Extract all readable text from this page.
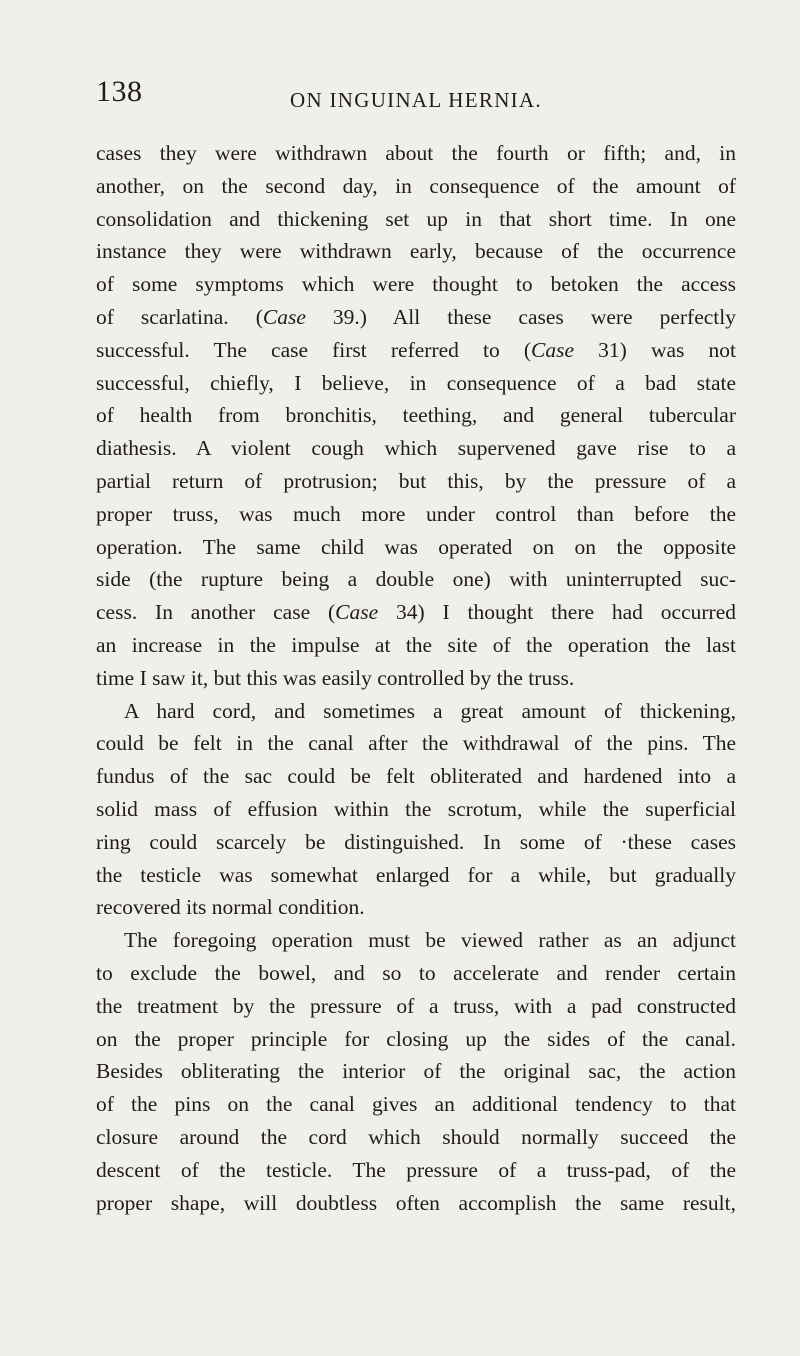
138	ON INGUINAL HERNIA.
cases they were withdrawn about the fourth or fifth; and, in
another, on the second day, in consequence of the amount of
consolidation and thickening set up in that short time. In one
instance they were withdrawn early, because of the occurrence
of some symptoms which were thought to betoken the access
of scarlatina. (Case 39.) All these cases were perfectly
successful. The case first referred to (Case 31) was not
successful, chiefly, I believe, in consequence of a bad state
of health from bronchitis, teething, and general tubercular
diathesis. A violent cough which supervened gave rise to a
partial return of protrusion; but this, by the pressure of a
proper truss, was much more under control than before the
operation. The same child was operated on on the opposite
side (the rupture being a double one) with uninterrupted suc-
cess. In another case (Case 34) I thought there had occurred
an increase in the impulse at the site of the operation the last
time I saw it, but this was easily controlled by the truss.
A hard cord, and sometimes a great amount of thickening,
could be felt in the canal after the withdrawal of the pins. The
fundus of the sac could be felt obliterated and hardened into a
solid mass of effusion within the scrotum, while the superficial
ring could scarcely be distinguished. In some of ·these cases
the testicle was somewhat enlarged for a while, but gradually
recovered its normal condition.
The foregoing operation must be viewed rather as an adjunct
to exclude the bowel, and so to accelerate and render certain
the treatment by the pressure of a truss, with a pad constructed
on the proper principle for closing up the sides of the canal.
Besides obliterating the interior of the original sac, the action
of the pins on the canal gives an additional tendency to that
closure around the cord which should normally succeed the
descent of the testicle. The pressure of a truss-pad, of the
proper shape, will doubtless often accomplish the same result,
